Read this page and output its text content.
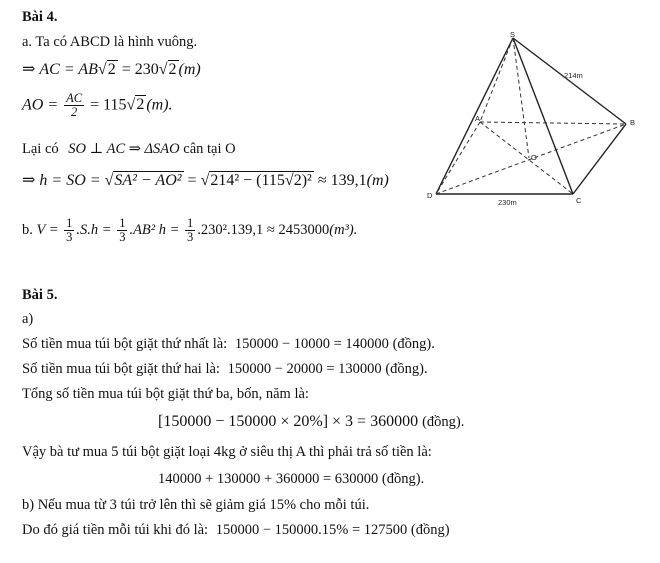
Bài 4.
a. Ta có ABCD là hình vuông.
⇒ AC = AB√2 = 230√2 (m)
AO = $\frac{AC}{2} = 115√2$ (m).
Lại có SO ⊥ AC ⇒ ΔSAO cân tại O
⇒ h = SO = √SA² − AO² = √214² − (115√2)² ≈ 139,1(m)
b. $V = \frac{1}{3} .S.h = \frac{1}{3} .AB^2$ $h = \frac{1}{3} .230^2.139,1 \approx 2453000(m^3)$.
S
A	B
C
D
O
214m
230m
Bài 5.
a)
Số tiền mua túi bột giặt thứ nhất là: 150000 − 10000 = 140000 (đồng).
Số tiền mua túi bột giặt thứ hai là: 150000 − 20000 = 130000 (đồng).
Tổng số tiền mua túi bột giặt thứ ba, bốn, năm là:
[150000 − 150000 × 20%] × 3 = 360000 (đồng).
Vậy bà tư mua 5 túi bột giặt loại 4kg ở siêu thị A thì phải trả số tiền là:
140000 + 130000 + 360000 = 630000 (đồng).
b) Nếu mua từ 3 túi trở lên thì sẽ giảm giá 15% cho mỗi túi.
Do đó giá tiền mỗi túi khi đó là: 150000 − 150000.15% = 127500 (đồng)
